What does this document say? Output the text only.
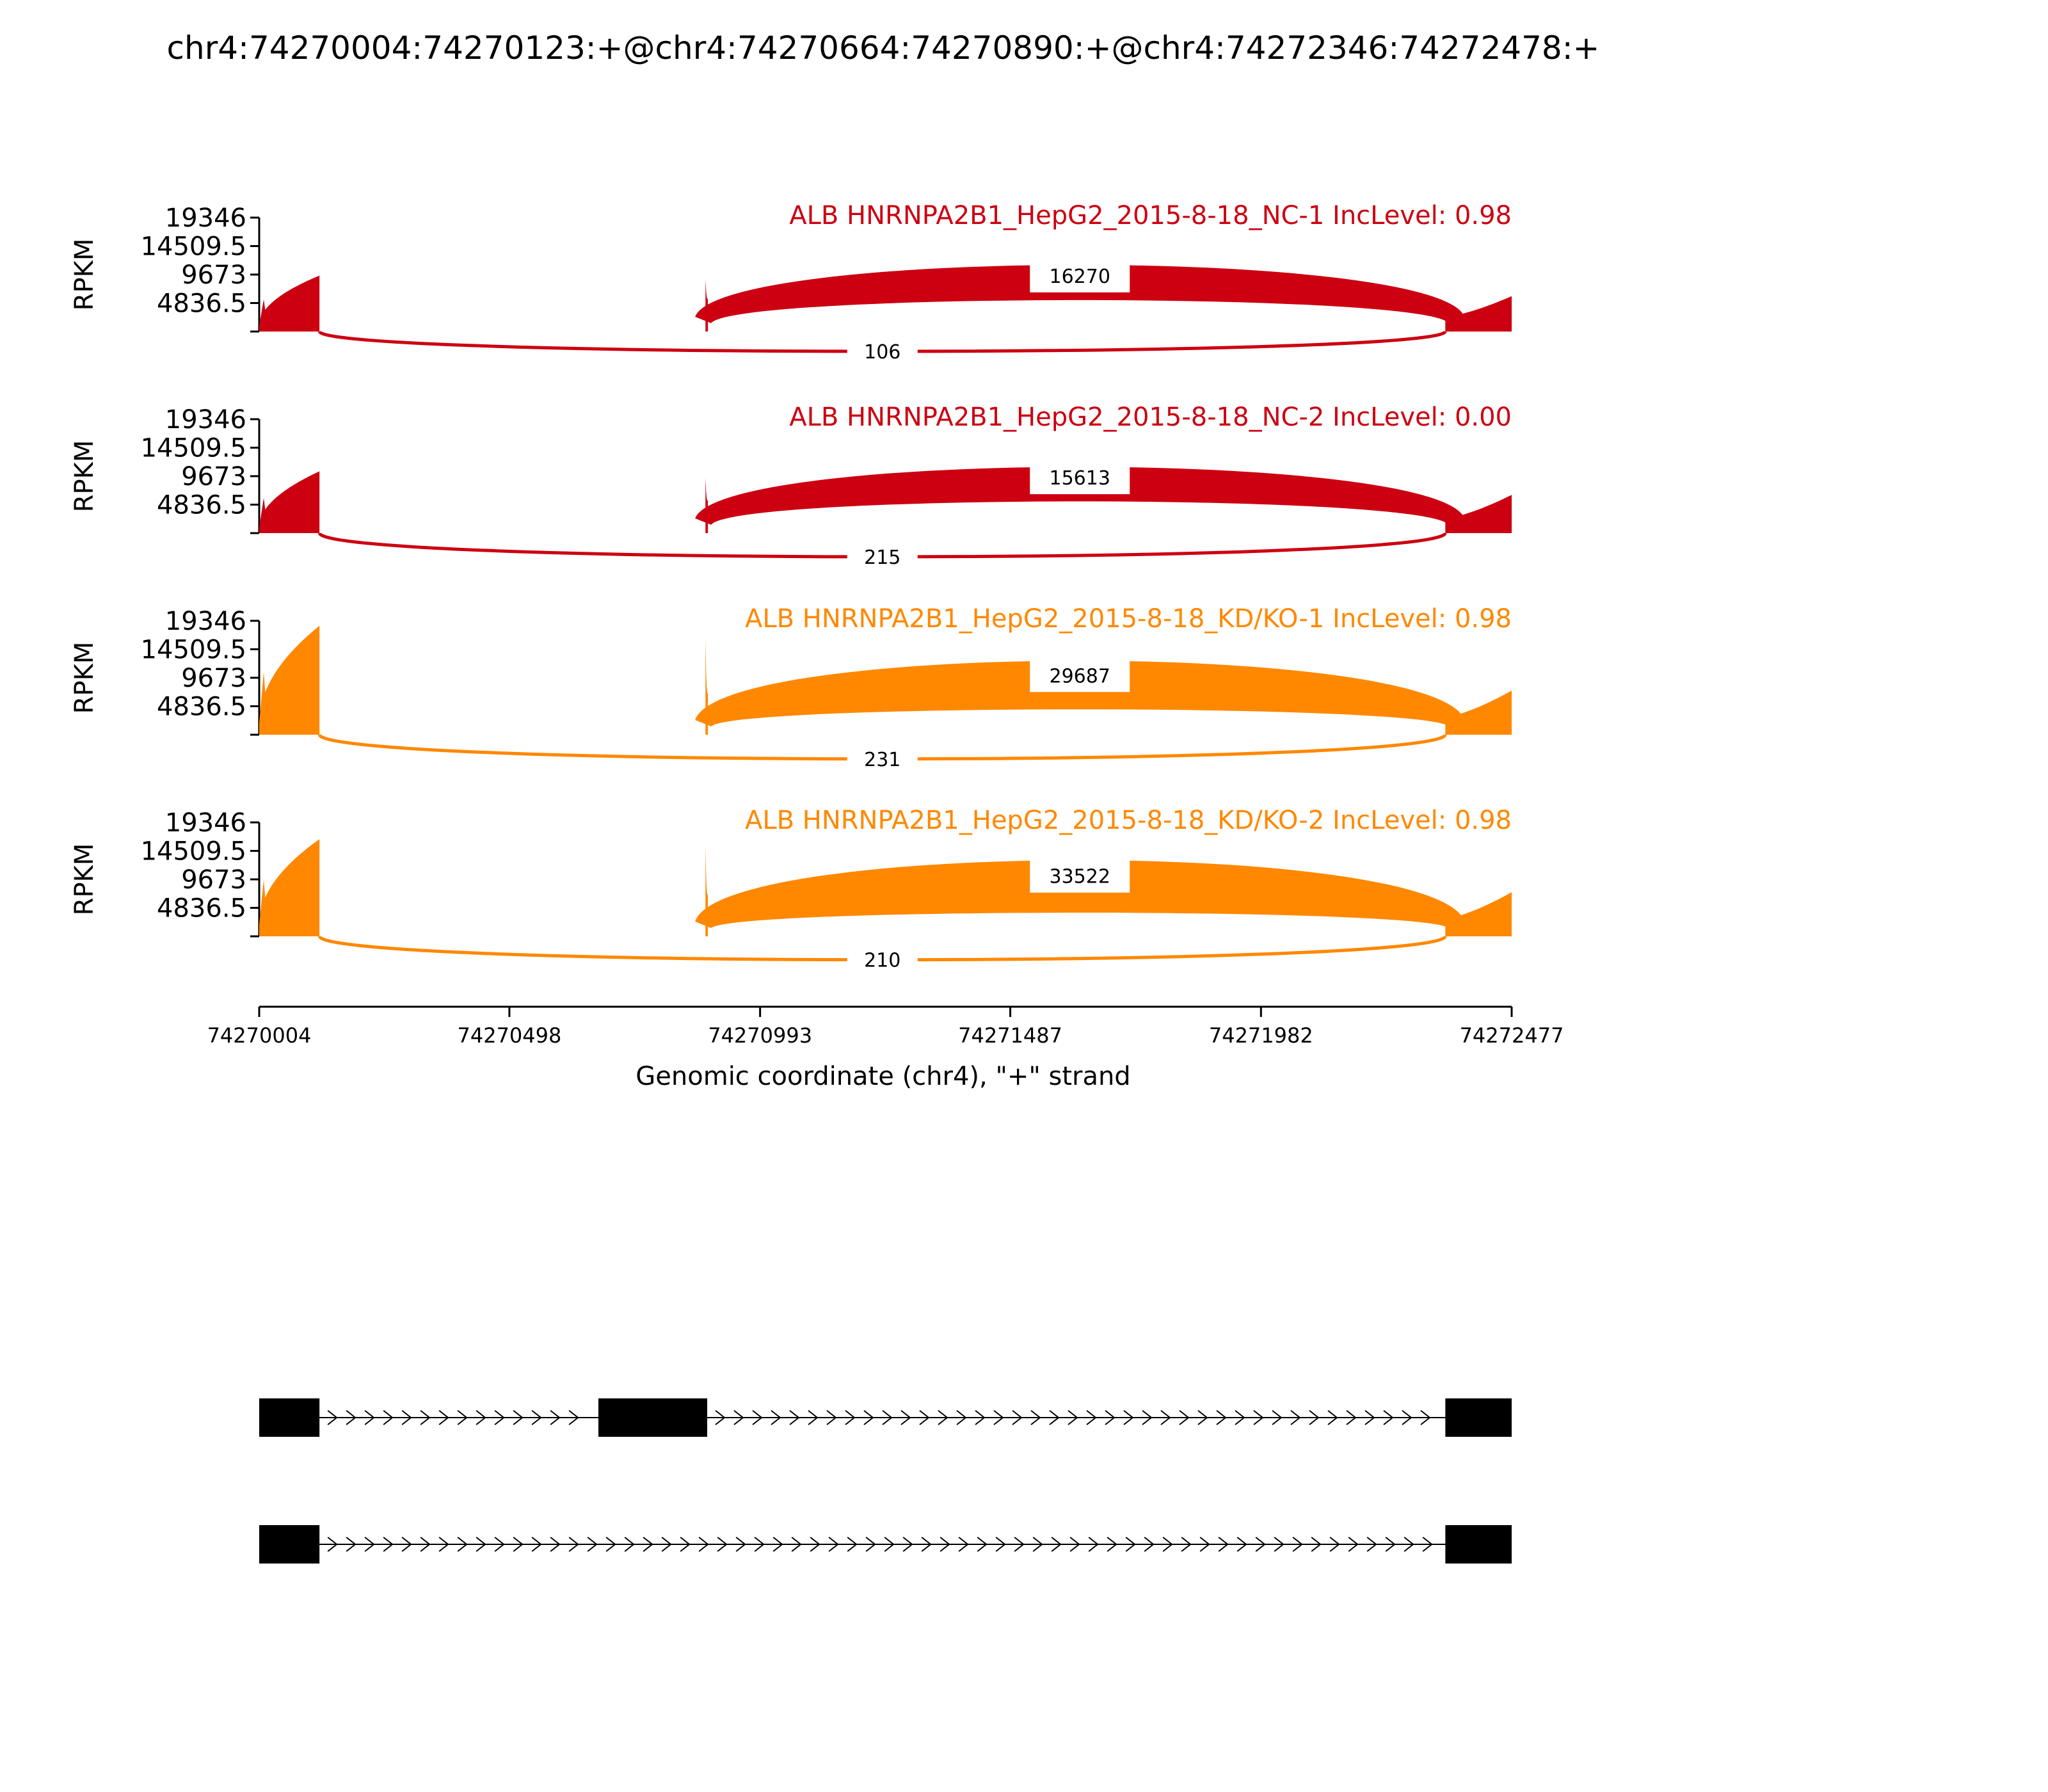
chr4:74270004:74270123:+@chr4:74270664:74270890:+@chr4:74272346:74272478:+
19346
14509.5
9673
4836.5
RPKM	16270
106
ALB HNRNPA2B1_HepG2_2015-8-18_NC-1 IncLevel: 0.98
19346
14509.5
9673
4836.5
RPKM	15613
215
ALB HNRNPA2B1_HepG2_2015-8-18_NC-2 IncLevel: 0.00
19346
14509.5
9673
4836.5
RPKM	29687
231
ALB HNRNPA2B1_HepG2_2015-8-18_KD/KO-1 IncLevel: 0.98
19346
14509.5
9673
4836.5
RPKM	33522
210
ALB HNRNPA2B1_HepG2_2015-8-18_KD/KO-2 IncLevel: 0.98
74270004	74270498	74270993	74271487	74271982	74272477
Genomic coordinate (chr4), "+" strand
